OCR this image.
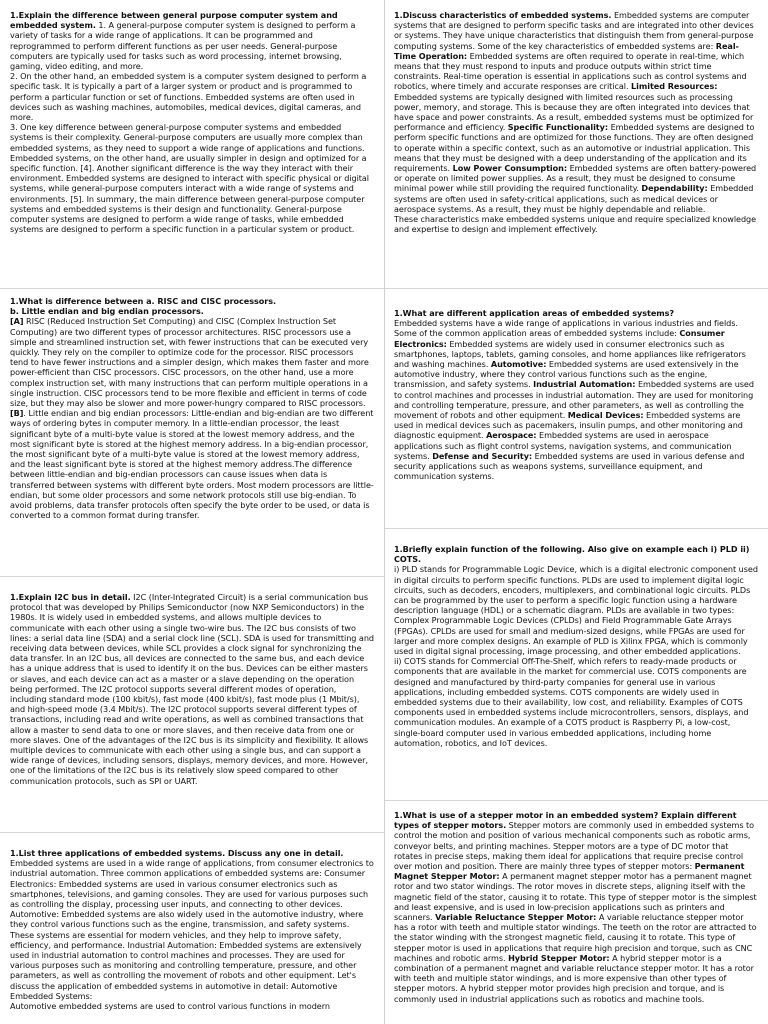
1.Explain the difference between general purpose computer system and embedded system. 1. A general-purpose computer system is designed to perform a variety of tasks for a wide range of applications. It can be programmed and reprogrammed to perform different functions as per user needs. General-purpose computers are typically used for tasks such as word processing, internet browsing, gaming, video editing, and more.

2. On the other hand, an embedded system is a computer system designed to perform a specific task. It is typically a part of a larger system or product and is programmed to perform a particular function or set of functions. Embedded systems are often used in devices such as washing machines, automobiles, medical devices, digital cameras, and more.

3. One key difference between general-purpose computer systems and embedded systems is their complexity. General-purpose computers are usually more complex than embedded systems, as they need to support a wide range of applications and functions. Embedded systems, on the other hand, are usually simpler in design and optimized for a specific function. [4]. Another significant difference is the way they interact with their environment. Embedded systems are designed to interact with specific physical or digital systems, while general-purpose computers interact with a wide range of systems and environments. [5]. In summary, the main difference between general-purpose computer systems and embedded systems is their design and functionality. General-purpose computer systems are designed to perform a wide range of tasks, while embedded systems are designed to perform a specific function in a particular system or product.

1.What is difference between a. RISC and CISC processors.

b. Little endian and big endian processors.

[A] RISC (Reduced Instruction Set Computing) and CISC (Complex Instruction Set Computing) are two different types of processor architectures. RISC processors use a simple and streamlined instruction set, with fewer instructions that can be executed very quickly. They rely on the compiler to optimize code for the processor. RISC processors tend to have fewer instructions and a simpler design, which makes them faster and more power-efficient than CISC processors. CISC processors, on the other hand, use a more complex instruction set, with many instructions that can perform multiple operations in a single instruction. CISC processors tend to be more flexible and efficient in terms of code size, but they may also be slower and more power-hungry compared to RISC processors.

[B]. Little endian and big endian processors: Little-endian and big-endian are two different ways of ordering bytes in computer memory. In a little-endian processor, the least significant byte of a multi-byte value is stored at the lowest memory address, and the most significant byte is stored at the highest memory address. In a big-endian processor, the most significant byte of a multi-byte value is stored at the lowest memory address, and the least significant byte is stored at the highest memory address.The difference between little-endian and big-endian processors can cause issues when data is transferred between systems with different byte orders. Most modern processors are little-endian, but some older processors and some network protocols still use big-endian. To avoid problems, data transfer protocols often specify the byte order to be used, or data is converted to a common format during transfer.

1.Explain I2C bus in detail. I2C (Inter-Integrated Circuit) is a serial communication bus protocol that was developed by Philips Semiconductor (now NXP Semiconductors) in the 1980s. It is widely used in embedded systems, and allows multiple devices to communicate with each other using a single two-wire bus. The I2C bus consists of two lines: a serial data line (SDA) and a serial clock line (SCL). SDA is used for transmitting and receiving data between devices, while SCL provides a clock signal for synchronizing the data transfer. In an I2C bus, all devices are connected to the same bus, and each device has a unique address that is used to identify it on the bus. Devices can be either masters or slaves, and each device can act as a master or a slave depending on the operation being performed. The I2C protocol supports several different modes of operation, including standard mode (100 kbit/s), fast mode (400 kbit/s), fast mode plus (1 Mbit/s), and high-speed mode (3.4 Mbit/s). The I2C protocol supports several different types of transactions, including read and write operations, as well as combined transactions that allow a master to send data to one or more slaves, and then receive data from one or more slaves. One of the advantages of the I2C bus is its simplicity and flexibility. It allows multiple devices to communicate with each other using a single bus, and can support a wide range of devices, including sensors, displays, memory devices, and more. However, one of the limitations of the I2C bus is its relatively slow speed compared to other communication protocols, such as SPI or UART.

1.List three applications of embedded systems. Discuss any one in detail.

Embedded systems are used in a wide range of applications, from consumer electronics to industrial automation. Three common applications of embedded systems are: Consumer Electronics: Embedded systems are used in various consumer electronics such as smartphones, televisions, and gaming consoles. They are used for various purposes such as controlling the display, processing user inputs, and connecting to other devices. Automotive: Embedded systems are also widely used in the automotive industry, where they control various functions such as the engine, transmission, and safety systems. These systems are essential for modern vehicles, and they help to improve safety, efficiency, and performance. Industrial Automation: Embedded systems are extensively used in industrial automation to control machines and processes. They are used for various purposes such as monitoring and controlling temperature, pressure, and other parameters, as well as controlling the movement of robots and other equipment. Let's discuss the application of embedded systems in automotive in detail: Automotive Embedded Systems:

Automotive embedded systems are used to control various functions in modern

1.Discuss characteristics of embedded systems. Embedded systems are computer systems that are designed to perform specific tasks and are integrated into other devices or systems. They have unique characteristics that distinguish them from general-purpose computing systems. Some of the key characteristics of embedded systems are: Real-Time Operation: Embedded systems are often required to operate in real-time, which means that they must respond to inputs and produce outputs within strict time constraints. Real-time operation is essential in applications such as control systems and robotics, where timely and accurate responses are critical. Limited Resources: Embedded systems are typically designed with limited resources such as processing power, memory, and storage. This is because they are often integrated into devices that have space and power constraints. As a result, embedded systems must be optimized for performance and efficiency. Specific Functionality: Embedded systems are designed to perform specific functions and are optimized for those functions. They are often designed to operate within a specific context, such as an automotive or industrial application. This means that they must be designed with a deep understanding of the application and its requirements. Low Power Consumption: Embedded systems are often battery-powered or operate on limited power supplies. As a result, they must be designed to consume minimal power while still providing the required functionality. Dependability: Embedded systems are often used in safety-critical applications, such as medical devices or aerospace systems. As a result, they must be highly dependable and reliable.

These characteristics make embedded systems unique and require specialized knowledge and expertise to design and implement effectively.

1.What are different application areas of embedded systems?

Embedded systems have a wide range of applications in various industries and fields. Some of the common application areas of embedded systems include: Consumer Electronics: Embedded systems are widely used in consumer electronics such as smartphones, laptops, tablets, gaming consoles, and home appliances like refrigerators and washing machines. Automotive: Embedded systems are used extensively in the automotive industry, where they control various functions such as the engine, transmission, and safety systems. Industrial Automation: Embedded systems are used to control machines and processes in industrial automation. They are used for monitoring and controlling temperature, pressure, and other parameters, as well as controlling the movement of robots and other equipment. Medical Devices: Embedded systems are used in medical devices such as pacemakers, insulin pumps, and other monitoring and diagnostic equipment. Aerospace: Embedded systems are used in aerospace applications such as flight control systems, navigation systems, and communication systems. Defense and Security: Embedded systems are used in various defense and security applications such as weapons systems, surveillance equipment, and communication systems.

1.Briefly explain function of the following. Also give on example each i) PLD ii) COTS.

i) PLD stands for Programmable Logic Device, which is a digital electronic component used in digital circuits to perform specific functions. PLDs are used to implement digital logic circuits, such as decoders, encoders, multiplexers, and combinational logic circuits. PLDs can be programmed by the user to perform a specific logic function using a hardware description language (HDL) or a schematic diagram. PLDs are available in two types: Complex Programmable Logic Devices (CPLDs) and Field Programmable Gate Arrays (FPGAs). CPLDs are used for small and medium-sized designs, while FPGAs are used for larger and more complex designs. An example of PLD is Xilinx FPGA, which is commonly used in digital signal processing, image processing, and other embedded applications.

ii) COTS stands for Commercial Off-The-Shelf, which refers to ready-made products or components that are available in the market for commercial use. COTS components are designed and manufactured by third-party companies for general use in various applications, including embedded systems. COTS components are widely used in embedded systems due to their availability, low cost, and reliability. Examples of COTS components used in embedded systems include microcontrollers, sensors, displays, and communication modules. An example of a COTS product is Raspberry Pi, a low-cost, single-board computer used in various embedded applications, including home automation, robotics, and IoT devices.

1.What is use of a stepper motor in an embedded system? Explain different types of stepper motors. Stepper motors are commonly used in embedded systems to control the motion and position of various mechanical components such as robotic arms, conveyor belts, and printing machines. Stepper motors are a type of DC motor that rotates in precise steps, making them ideal for applications that require precise control over motion and position. There are mainly three types of stepper motors: Permanent Magnet Stepper Motor: A permanent magnet stepper motor has a permanent magnet rotor and two stator windings. The rotor moves in discrete steps, aligning itself with the magnetic field of the stator, causing it to rotate. This type of stepper motor is the simplest and least expensive, and is used in low-precision applications such as printers and scanners. Variable Reluctance Stepper Motor: A variable reluctance stepper motor has a rotor with teeth and multiple stator windings. The teeth on the rotor are attracted to the stator winding with the strongest magnetic field, causing it to rotate. This type of stepper motor is used in applications that require high precision and torque, such as CNC machines and robotic arms. Hybrid Stepper Motor: A hybrid stepper motor is a combination of a permanent magnet and variable reluctance stepper motor. It has a rotor with teeth and multiple stator windings, and is more expensive than other types of stepper motors. A hybrid stepper motor provides high precision and torque, and is commonly used in industrial applications such as robotics and machine tools.
